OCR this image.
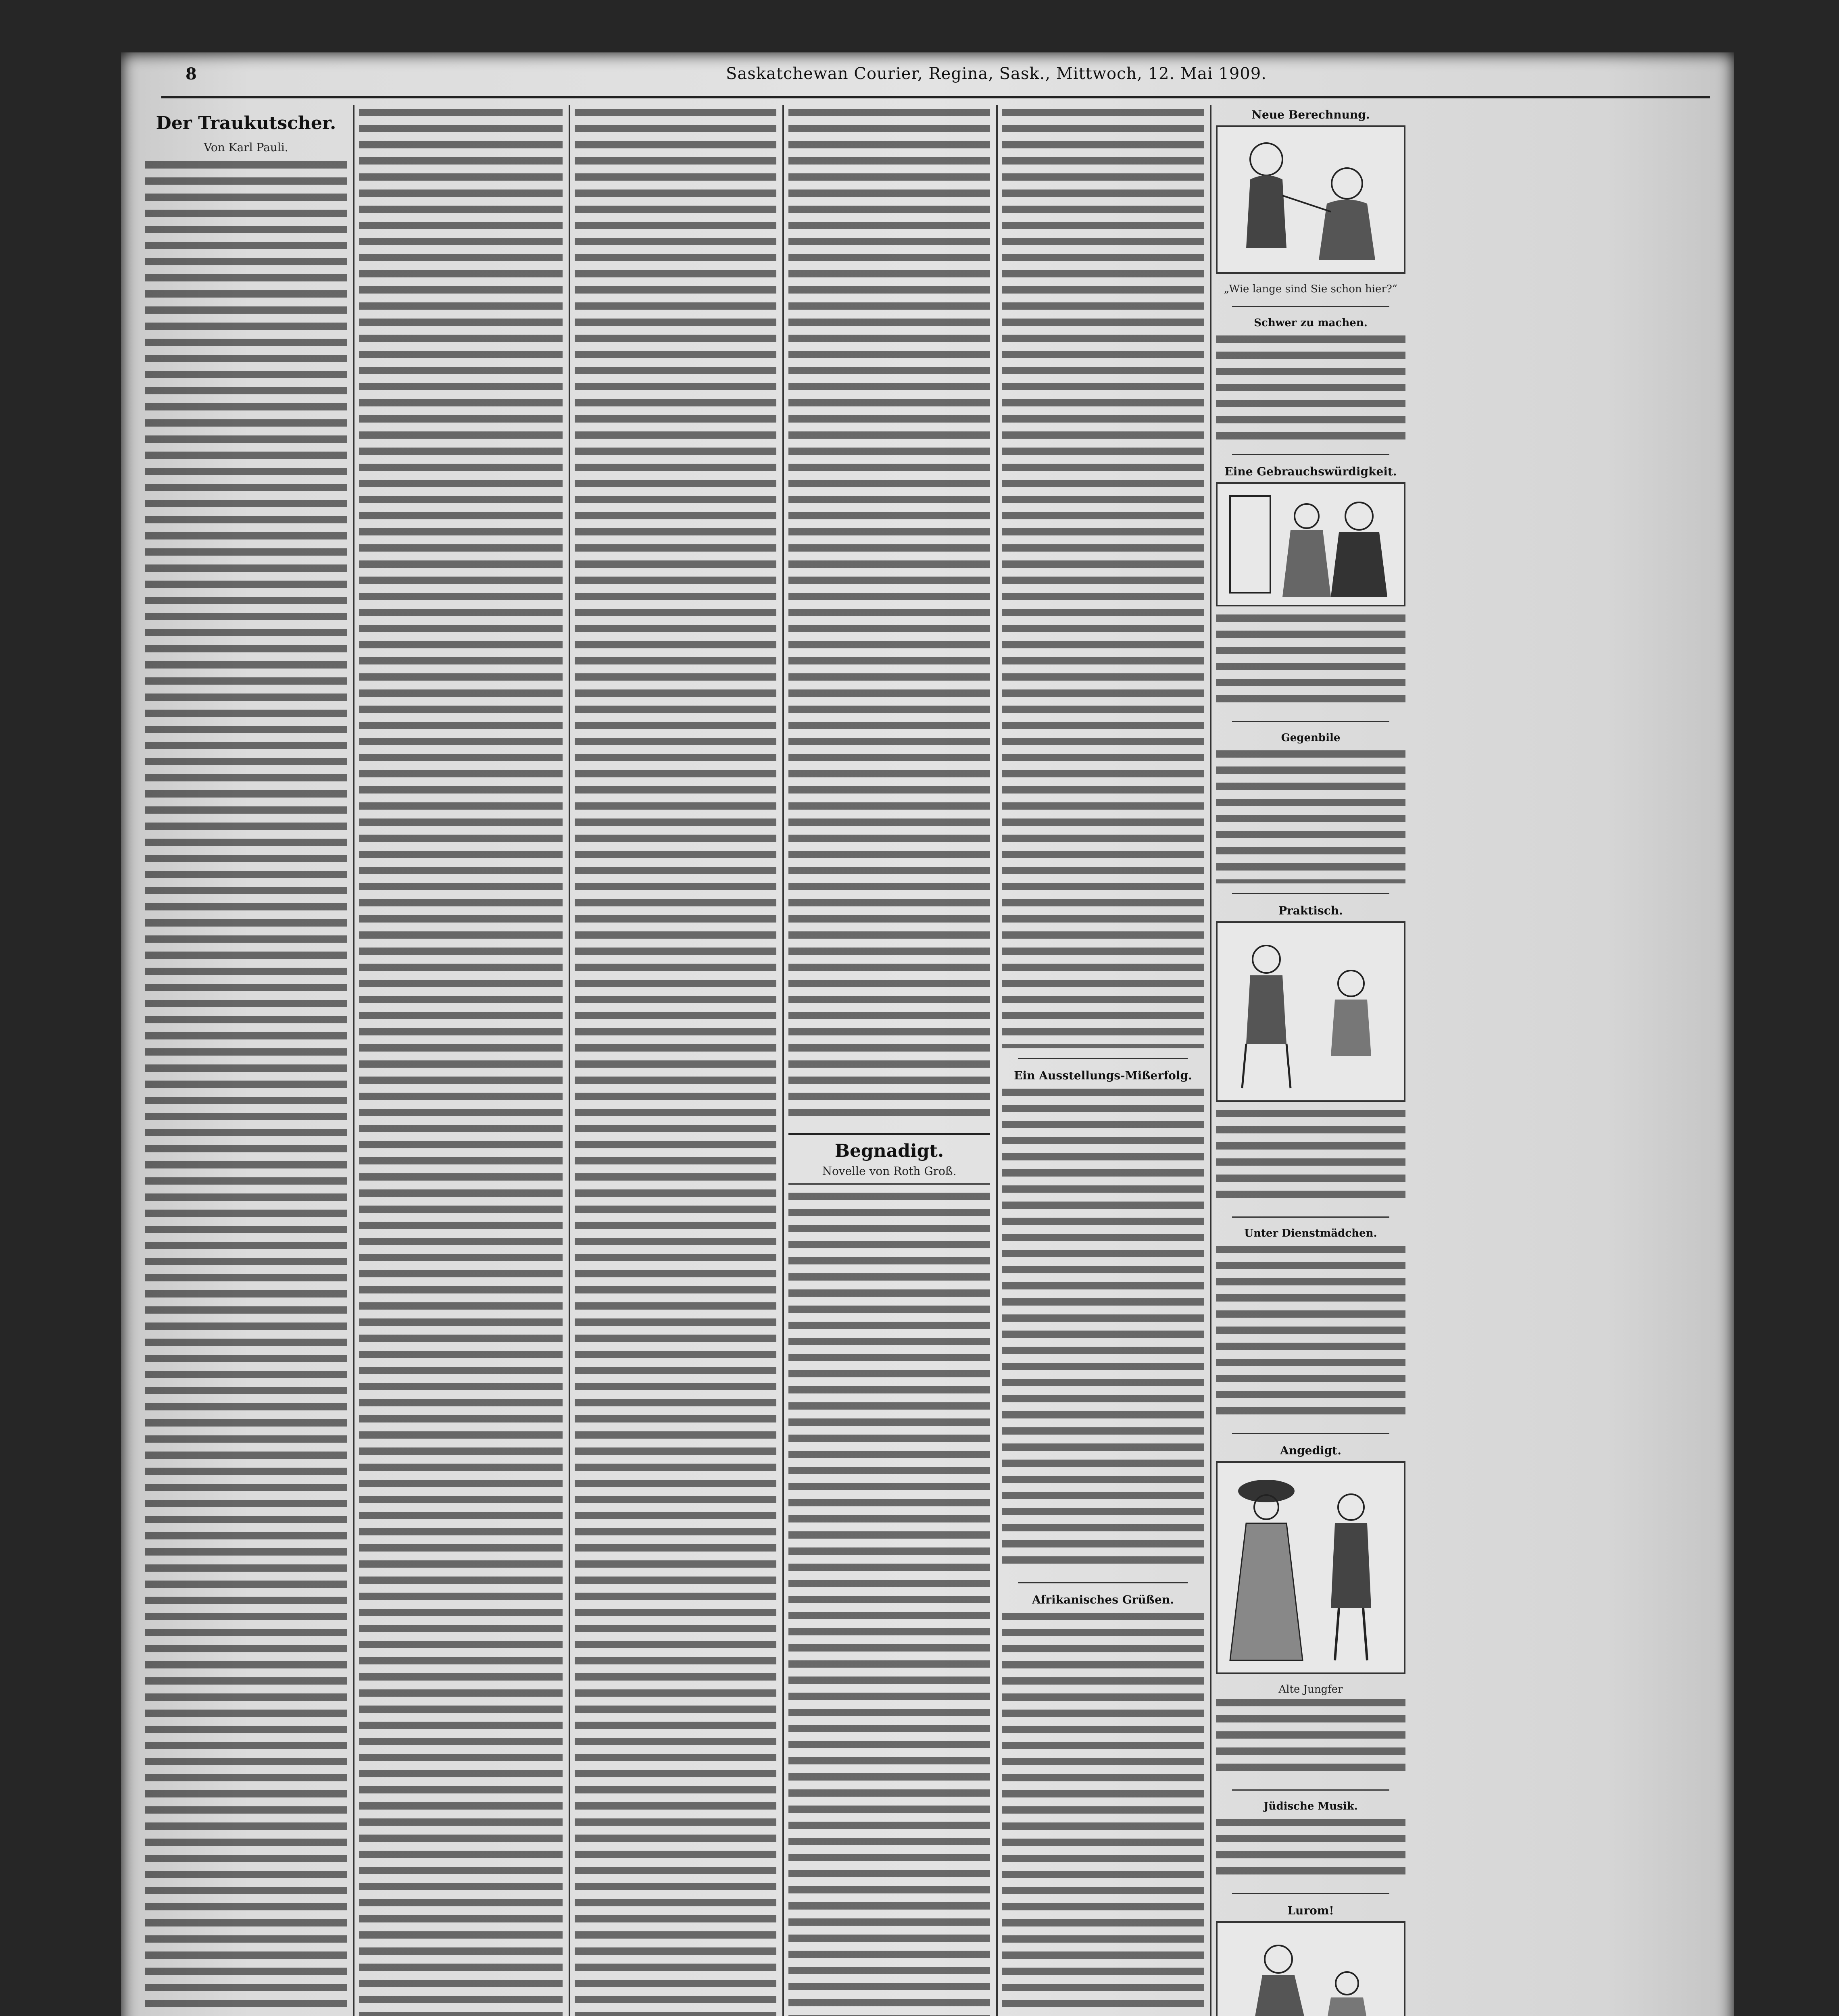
8	Saskatchewan Courier, Regina, Sask., Mittwoch, 12. Mai 1909.
Der Traukutscher.
Von Karl Pauli.
Begnadigt.
Novelle von Roth Groß.
Ein Ausstellungs-Mißerfolg.
Afrikanisches Grüßen.
Neue Berechnung.
„Wie lange sind Sie schon hier?“
Schwer zu machen.
Eine Gebrauchswürdigkeit.
Gegenbile
Praktisch.
Unter Dienstmädchen.
Angedigt.
Alte Jungfer
Jüdische Musik.
Lurom!
